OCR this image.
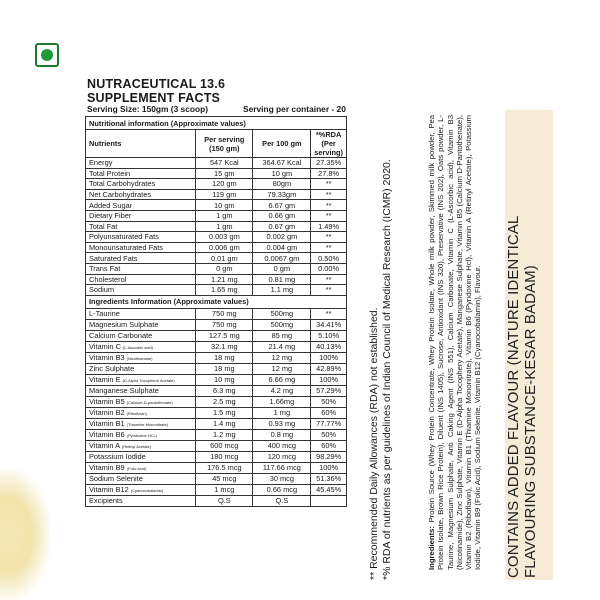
NUTRACEUTICAL 13.6
SUPPLEMENT FACTS
Serving Size: 150gm (3 scoop)	Serving per container - 20
Nutritional information (Approximate values)			
Nutrients	Per serving (150 gm)	Per 100 gm	*%RDA (Per serving)
Energy	547 Kcal	364.67 Kcal	27.35%
Total Protein	15 gm	10 gm	27.8%
Total Carbohydrates	120 gm	80gm	**
Net Carbohydrates	119 gm	79.33gm	**
Added Sugar	10 gm	6.67 gm	**
Dietary Fiber	1 gm	0.66 gm	**
Total Fat	1 gm	0.67 gm	1.49%
Polyunsaturated Fats	0.003 gm	0.002 gm	**
Monounsaturated Fats	0.006 gm	0.004 gm	**
Saturated Fats	0.01 gm	0.0067 gm	0.50%
Trans Fat	0 gm	0 gm	0.00%
Cholesterol	1.21 mg	0.81 mg	**
Sodium	1.65 mg	1.1 mg	**
Ingredients Information (Approximate values)			
L-Taurine	750 mg	500mg	**
Magnesium Sulphate	750 mg	500mg	34.41%
Calcium Carbonate	127.5 mg	85 mg	5.10%
Vitamin C (L-Ascorbic acid)	32.1 mg	21.4 mg	40.13%
Vitamin B3 (Nicotinamide)	18 mg	12 mg	100%
Zinc Sulphate	18 mg	12 mg	42.89%
Vitamin E (D-Alpha Tocopherol Acetate)	10 mg	6.66 mg	100%
Manganese Sulphate	6.3 mg	4.2 mg	57.29%
Vitamin B5 (Calcium-D-pantothenate)	2.5 mg	1.66mg	50%
Vitamin B2 (Riboflavin)	1.5 mg	1 mg	60%
Vitamin B1 (Thiamine Mononitrate)	1.4 mg	0.93 mg	77.77%
Vitamin B6 (Pyridoxine HCL)	1.2 mg	0.8 mg	50%
Vitamin A (Retinyl Acetate)	600 mcg	400 mcg	60%
Potassium Iodide	180 mcg	120 mcg	98.29%
Vitamin B9 (Folic Acid)	176.5 mcg	117.66 mcg	100%
Sodium Selenite	45 mcg	30 mcg	51.36%
Vitamin B12 (Cyanocobalamin)	1 mcg	0.66 mcg	45.45%
Excipients	Q.S	Q.S		** Recommended Daily Allowances (RDA) not established. *% RDA of nutrients as per guidelines of Indian Council of Medical Research (ICMR) 2020.	Ingredients: Protein Source (Whey Protein Concentrate, Whey Protein Isolate, Whole milk powder, Skimmed milk powder, Pea Protein Isolate, Brown Rice Protein), Diluent (INS 1405), Sucrose, Antioxidant (INS 320), Preservative (INS 202), Oats powder, L-Taurine, Magnesium Sulphate, Anti Caking Agent (INS 551), Calcium Carbonate, Vitamin C (L-Ascorbic acid), Vitamin B3 (Nicotinamide), Zinc Sulphate, Vitamin E (D-Alpha Tocophery Acetate), Manganese Sulphate, Vitamin B5 (Calcium D-Pantothenate), Vitamin B2 (Riboflavin), Vitamin B1 (Thiamine Mononitrate), Vitamin B6 (Pyridoxine Hcl), Vitamin A (Retinyl Acetate), Potassium Iodide, Vitamin B9 (Folic Acid), Sodium Selenite, Vitamin B12 (Cyanocobalamin), Flavour. CONTAINS ADDED FLAVOUR (NATURE IDENTICAL FLAVOURING SUBSTANCE-KESAR BADAM)
